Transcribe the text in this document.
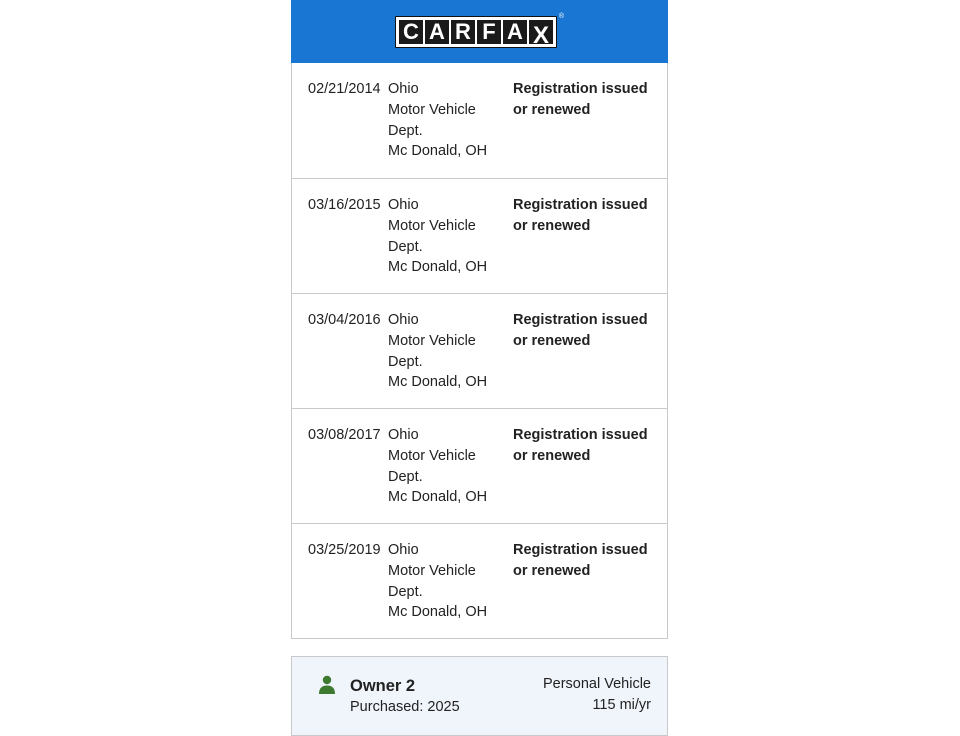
C A R F A X
®
02/21/2014 Ohio
Motor Vehicle
Dept.
Mc Donald, OH
Registration issued or renewed
03/16/2015 Ohio
Motor Vehicle
Dept.
Mc Donald, OH
Registration issued or renewed
03/04/2016 Ohio
Motor Vehicle
Dept.
Mc Donald, OH
Registration issued or renewed
03/08/2017 Ohio
Motor Vehicle
Dept.
Mc Donald, OH
Registration issued or renewed
03/25/2019 Ohio
Motor Vehicle
Dept.
Mc Donald, OH
Registration issued or renewed
Owner 2
Purchased: 2025
Personal Vehicle
115 mi/yr
